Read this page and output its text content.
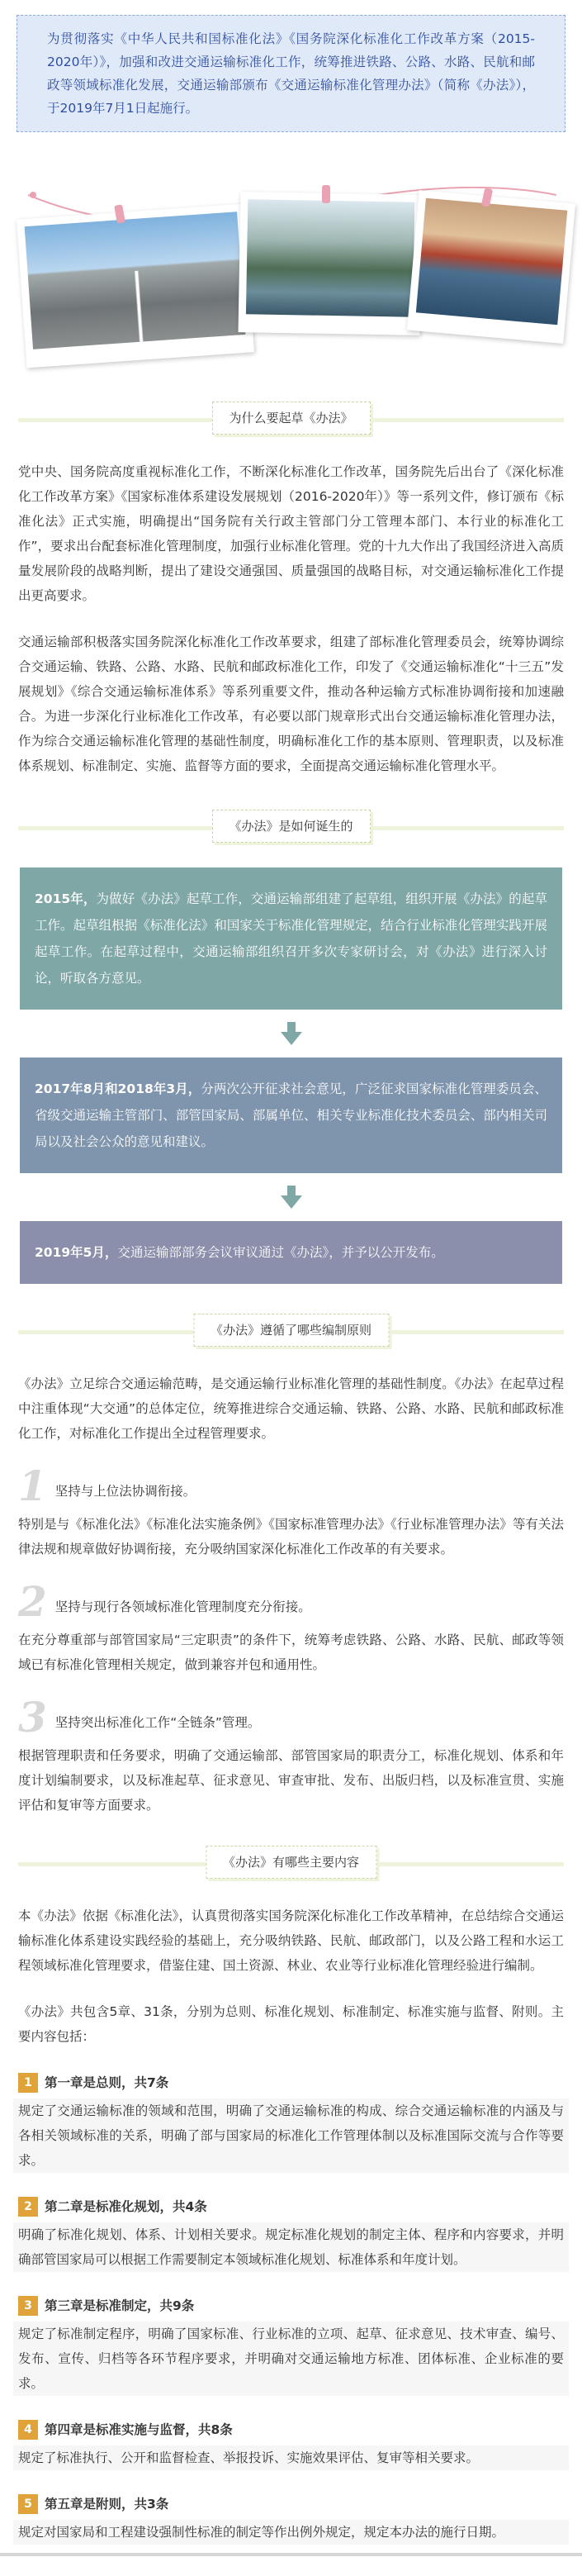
为贯彻落实《中华人民共和国标准化法》《国务院深化标准化工作改革方案（2015-2020年）》，加强和改进交通运输标准化工作，统筹推进铁路、公路、水路、民航和邮政等领域标准化发展，交通运输部颁布《交通运输标准化管理办法》（简称《办法》），于2019年7月1日起施行。
为什么要起草《办法》

党中央、国务院高度重视标准化工作，不断深化标准化工作改革，国务院先后出台了《深化标准化工作改革方案》《国家标准体系建设发展规划（2016-2020年）》等一系列文件，修订颁布《标准化法》正式实施，明确提出“国务院有关行政主管部门分工管理本部门、本行业的标准化工作”，要求出台配套标准化管理制度，加强行业标准化管理。党的十九大作出了我国经济进入高质量发展阶段的战略判断，提出了建设交通强国、质量强国的战略目标，对交通运输标准化工作提出更高要求。

交通运输部积极落实国务院深化标准化工作改革要求，组建了部标准化管理委员会，统筹协调综合交通运输、铁路、公路、水路、民航和邮政标准化工作，印发了《交通运输标准化“十三五”发展规划》《综合交通运输标准体系》等系列重要文件，推动各种运输方式标准协调衔接和加速融合。为进一步深化行业标准化工作改革，有必要以部门规章形式出台交通运输标准化管理办法，作为综合交通运输标准化管理的基础性制度，明确标准化工作的基本原则、管理职责，以及标准体系规划、标准制定、实施、监督等方面的要求，全面提高交通运输标准化管理水平。

《办法》是如何诞生的
2015年，为做好《办法》起草工作，交通运输部组建了起草组，组织开展《办法》的起草工作。起草组根据《标准化法》和国家关于标准化管理规定，结合行业标准化管理实践开展起草工作。在起草过程中，交通运输部组织召开多次专家研讨会，对《办法》进行深入讨论，听取各方意见。
2017年8月和2018年3月，分两次公开征求社会意见，广泛征求国家标准化管理委员会、省级交通运输主管部门、部管国家局、部属单位、相关专业标准化技术委员会、部内相关司局以及社会公众的意见和建议。
2019年5月，交通运输部部务会议审议通过《办法》，并予以公开发布。
《办法》遵循了哪些编制原则

《办法》立足综合交通运输范畴，是交通运输行业标准化管理的基础性制度。《办法》在起草过程中注重体现“大交通”的总体定位，统筹推进综合交通运输、铁路、公路、水路、民航和邮政标准化工作，对标准化工作提出全过程管理要求。

1 坚持与上位法协调衔接。

特别是与《标准化法》《标准化法实施条例》《国家标准管理办法》《行业标准管理办法》等有关法律法规和规章做好协调衔接，充分吸纳国家深化标准化工作改革的有关要求。

2 坚持与现行各领域标准化管理制度充分衔接。

在充分尊重部与部管国家局“三定职责”的条件下，统筹考虑铁路、公路、水路、民航、邮政等领域已有标准化管理相关规定，做到兼容并包和通用性。

3 坚持突出标准化工作“全链条”管理。

根据管理职责和任务要求，明确了交通运输部、部管国家局的职责分工，标准化规划、体系和年度计划编制要求，以及标准起草、征求意见、审查审批、发布、出版归档，以及标准宣贯、实施评估和复审等方面要求。

《办法》有哪些主要内容

本《办法》依据《标准化法》，认真贯彻落实国务院深化标准化工作改革精神，在总结综合交通运输标准化体系建设实践经验的基础上，充分吸纳铁路、民航、邮政部门，以及公路工程和水运工程领域标准化管理要求，借鉴住建、国土资源、林业、农业等行业标准化管理经验进行编制。

《办法》共包含5章、31条，分别为总则、标准化规划、标准制定、标准实施与监督、附则。主要内容包括：

1 第一章是总则，共7条

规定了交通运输标准的领域和范围，明确了交通运输标准的构成、综合交通运输标准的内涵及与各相关领域标准的关系，明确了部与国家局的标准化工作管理体制以及标准国际交流与合作等要求。

2 第二章是标准化规划，共4条

明确了标准化规划、体系、计划相关要求。规定标准化规划的制定主体、程序和内容要求，并明确部管国家局可以根据工作需要制定本领域标准化规划、标准体系和年度计划。

3 第三章是标准制定，共9条

规定了标准制定程序，明确了国家标准、行业标准的立项、起草、征求意见、技术审查、编号、发布、宣传、归档等各环节程序要求，并明确对交通运输地方标准、团体标准、企业标准的要求。

4 第四章是标准实施与监督，共8条

规定了标准执行、公开和监督检查、举报投诉、实施效果评估、复审等相关要求。

5 第五章是附则，共3条

规定对国家局和工程建设强制性标准的制定等作出例外规定，规定本办法的施行日期。
